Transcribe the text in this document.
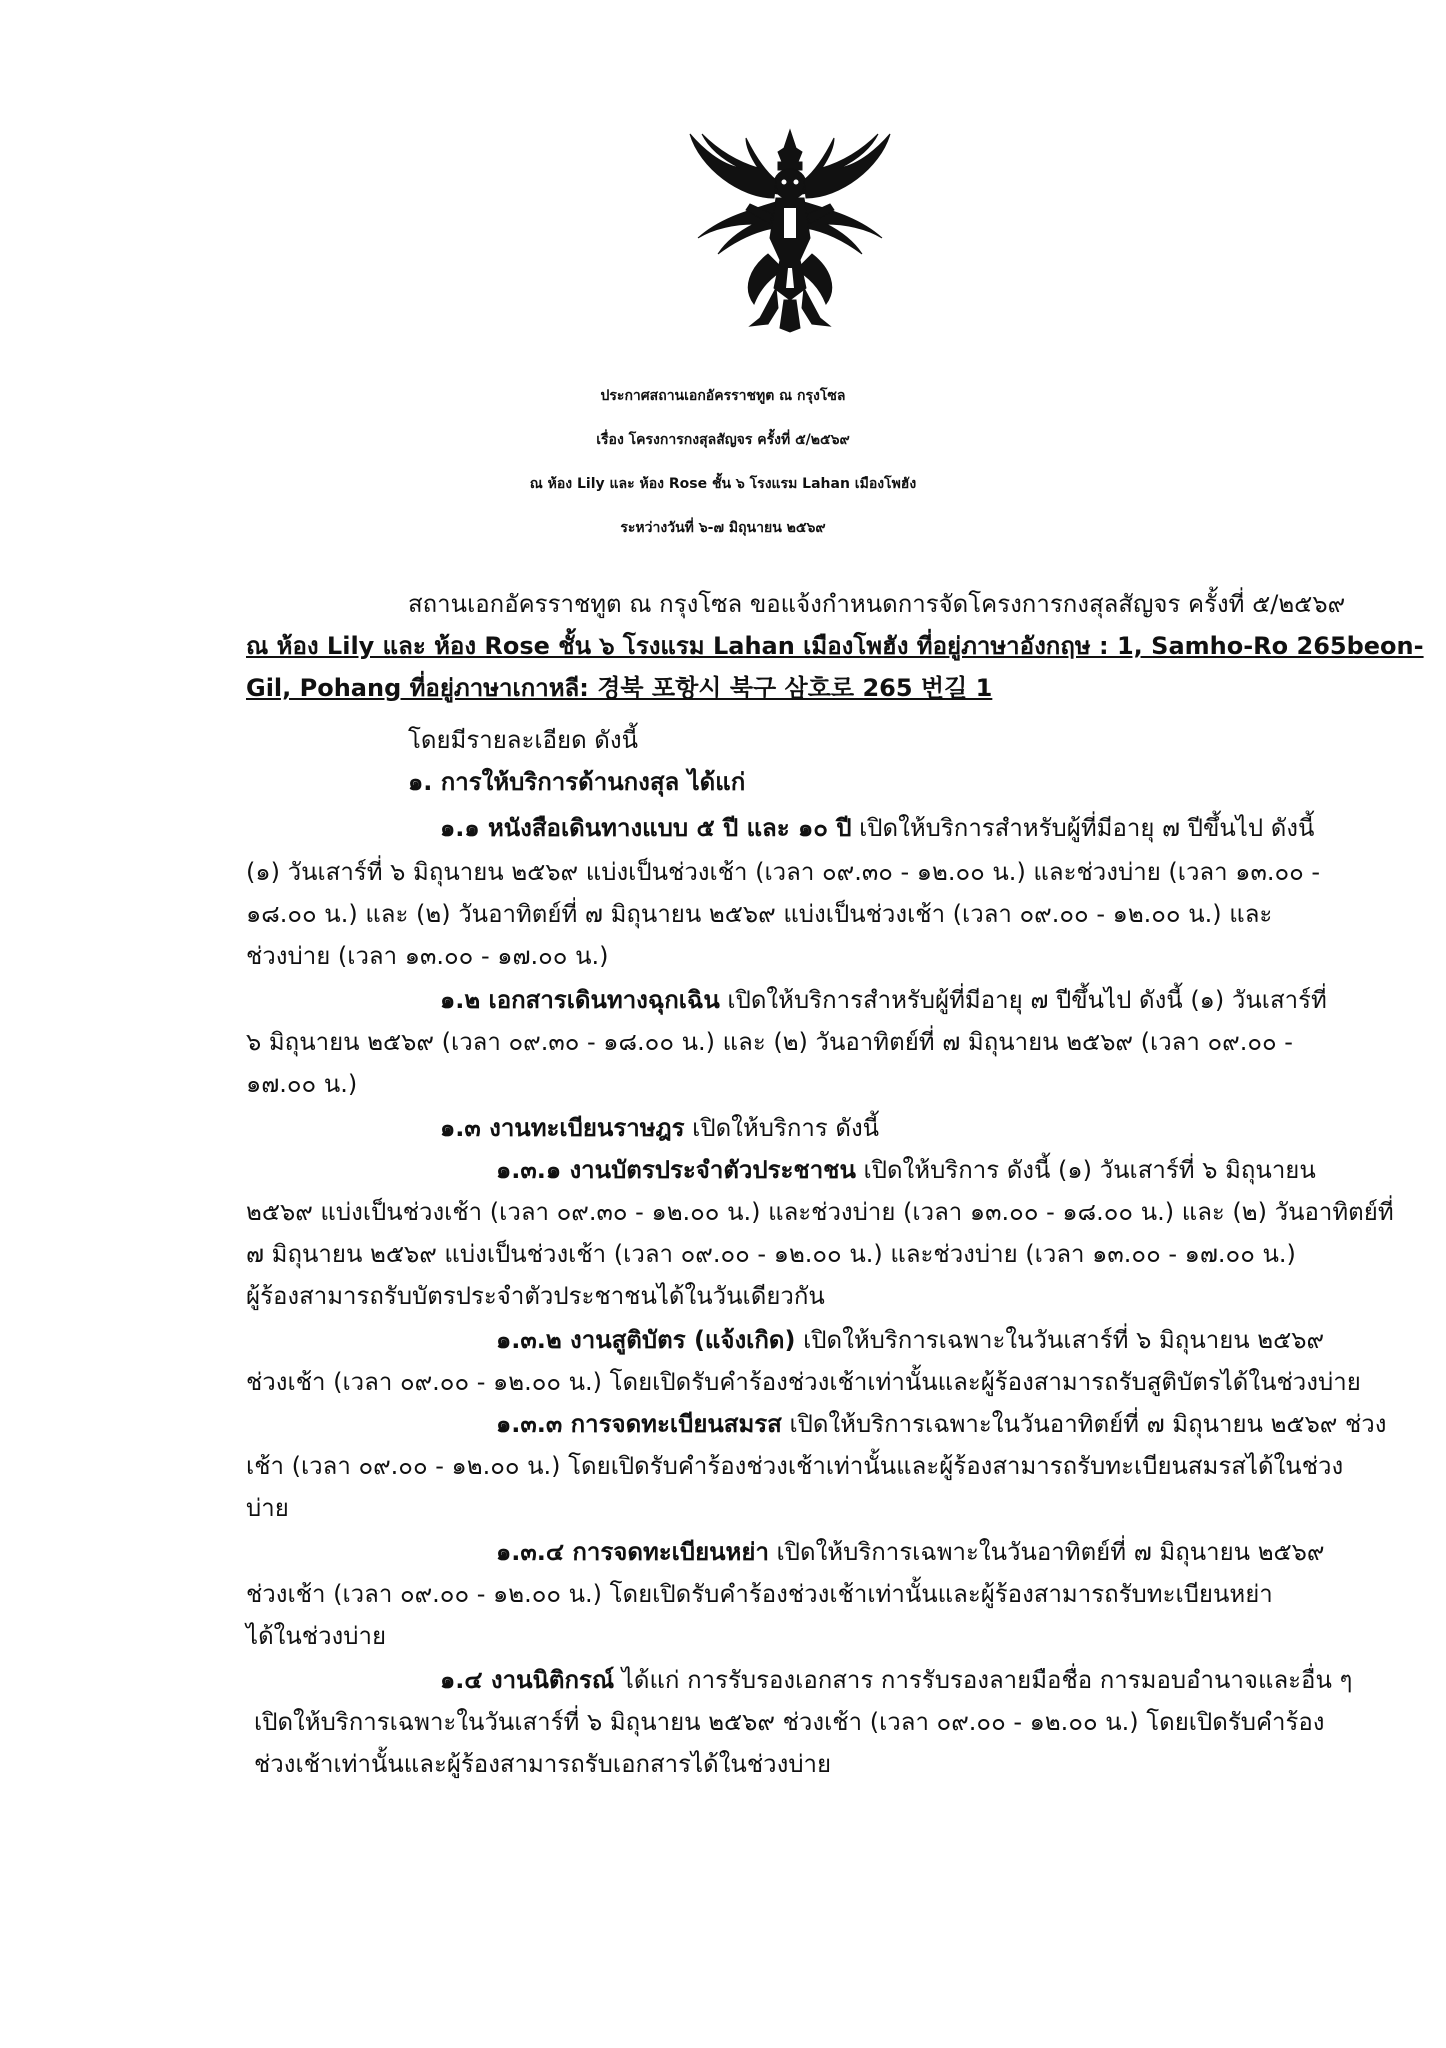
ประกาศสถานเอกอัครราชทูต ณ กรุงโซล
เรื่อง โครงการกงสุลสัญจร ครั้งที่ ๕/๒๕๖๙
ณ ห้อง Lily และ ห้อง Rose ชั้น ๖ โรงแรม Lahan เมืองโพฮัง
ระหว่างวันที่ ๖-๗ มิถุนายน ๒๕๖๙
สถานเอกอัครราชทูต ณ กรุงโซล ขอแจ้งกำหนดการจัดโครงการกงสุลสัญจร ครั้งที่ ๕/๒๕๖๙
ณ ห้อง Lily และ ห้อง Rose ชั้น ๖ โรงแรม Lahan เมืองโพฮัง ที่อยู่ภาษาอังกฤษ : 1, Samho-Ro 265beon-
Gil, Pohang ที่อยู่ภาษาเกาหลี: 경북 포항시 북구 삼호로 265 번길 1
โดยมีรายละเอียด ดังนี้
๑. การให้บริการด้านกงสุล ได้แก่
๑.๑ หนังสือเดินทางแบบ ๕ ปี และ ๑๐ ปี เปิดให้บริการสำหรับผู้ที่มีอายุ ๗ ปีขึ้นไป ดังนี้
(๑) วันเสาร์ที่ ๖ มิถุนายน ๒๕๖๙ แบ่งเป็นช่วงเช้า (เวลา ๐๙.๓๐ - ๑๒.๐๐ น.) และช่วงบ่าย (เวลา ๑๓.๐๐ -
๑๘.๐๐ น.) และ (๒) วันอาทิตย์ที่ ๗ มิถุนายน ๒๕๖๙ แบ่งเป็นช่วงเช้า (เวลา ๐๙.๐๐ - ๑๒.๐๐ น.) และ
ช่วงบ่าย (เวลา ๑๓.๐๐ - ๑๗.๐๐ น.)
๑.๒ เอกสารเดินทางฉุกเฉิน เปิดให้บริการสำหรับผู้ที่มีอายุ ๗ ปีขึ้นไป ดังนี้ (๑) วันเสาร์ที่
๖ มิถุนายน ๒๕๖๙ (เวลา ๐๙.๓๐ - ๑๘.๐๐ น.) และ (๒) วันอาทิตย์ที่ ๗ มิถุนายน ๒๕๖๙ (เวลา ๐๙.๐๐ -
๑๗.๐๐ น.)
๑.๓ งานทะเบียนราษฎร เปิดให้บริการ ดังนี้
๑.๓.๑ งานบัตรประจำตัวประชาชน เปิดให้บริการ ดังนี้ (๑) วันเสาร์ที่ ๖ มิถุนายน
๒๕๖๙ แบ่งเป็นช่วงเช้า (เวลา ๐๙.๓๐ - ๑๒.๐๐ น.) และช่วงบ่าย (เวลา ๑๓.๐๐ - ๑๘.๐๐ น.) และ (๒) วันอาทิตย์ที่
๗ มิถุนายน ๒๕๖๙ แบ่งเป็นช่วงเช้า (เวลา ๐๙.๐๐ - ๑๒.๐๐ น.) และช่วงบ่าย (เวลา ๑๓.๐๐ - ๑๗.๐๐ น.)
ผู้ร้องสามารถรับบัตรประจำตัวประชาชนได้ในวันเดียวกัน
๑.๓.๒ งานสูติบัตร (แจ้งเกิด) เปิดให้บริการเฉพาะในวันเสาร์ที่ ๖ มิถุนายน ๒๕๖๙
ช่วงเช้า (เวลา ๐๙.๐๐ - ๑๒.๐๐ น.) โดยเปิดรับคำร้องช่วงเช้าเท่านั้นและผู้ร้องสามารถรับสูติบัตรได้ในช่วงบ่าย
๑.๓.๓ การจดทะเบียนสมรส เปิดให้บริการเฉพาะในวันอาทิตย์ที่ ๗ มิถุนายน ๒๕๖๙ ช่วง
เช้า (เวลา ๐๙.๐๐ - ๑๒.๐๐ น.) โดยเปิดรับคำร้องช่วงเช้าเท่านั้นและผู้ร้องสามารถรับทะเบียนสมรสได้ในช่วง
บ่าย
๑.๓.๔ การจดทะเบียนหย่า เปิดให้บริการเฉพาะในวันอาทิตย์ที่ ๗ มิถุนายน ๒๕๖๙
ช่วงเช้า (เวลา ๐๙.๐๐ - ๑๒.๐๐ น.) โดยเปิดรับคำร้องช่วงเช้าเท่านั้นและผู้ร้องสามารถรับทะเบียนหย่า
ได้ในช่วงบ่าย
๑.๔ งานนิติกรณ์ ได้แก่ การรับรองเอกสาร การรับรองลายมือชื่อ การมอบอำนาจและอื่น ๆ
เปิดให้บริการเฉพาะในวันเสาร์ที่ ๖ มิถุนายน ๒๕๖๙ ช่วงเช้า (เวลา ๐๙.๐๐ - ๑๒.๐๐ น.) โดยเปิดรับคำร้อง
ช่วงเช้าเท่านั้นและผู้ร้องสามารถรับเอกสารได้ในช่วงบ่าย
